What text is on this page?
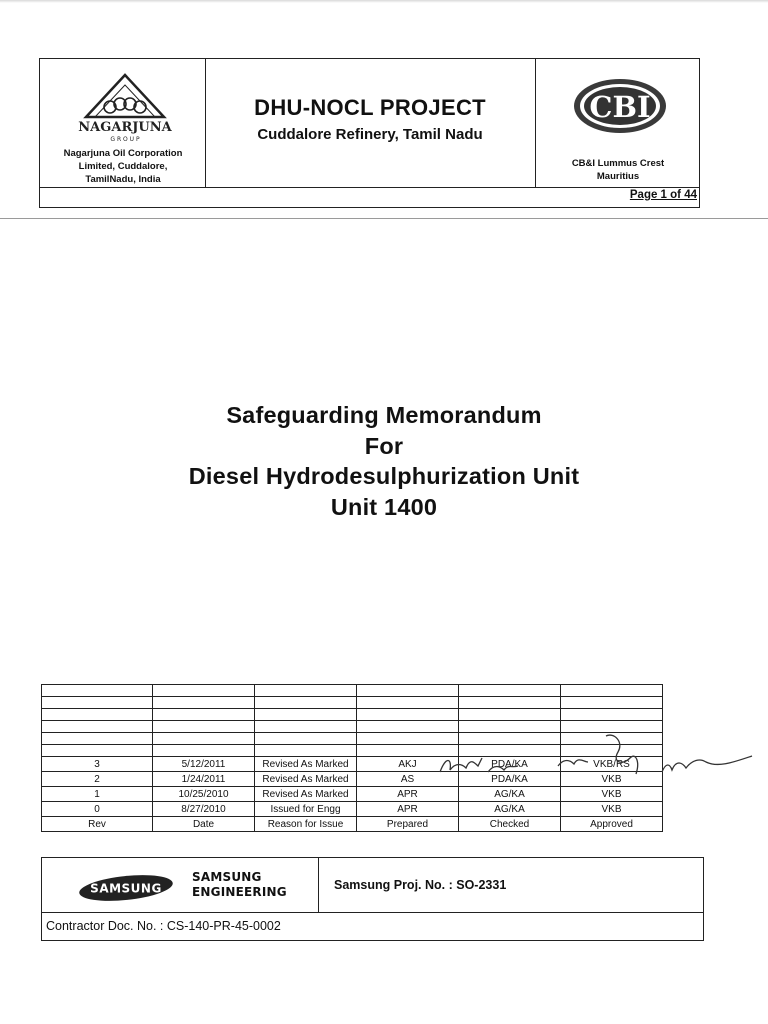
NAGARJUNA
G R O U P
Nagarjuna Oil Corporation
Limited, Cuddalore,
TamilNadu, India
DHU-NOCL PROJECT
Cuddalore Refinery, Tamil Nadu
CBI
CB&I Lummus Crest
Mauritius
Page 1 of 44
Safeguarding Memorandum
For
Diesel Hydrodesulphurization Unit
Unit 1400

3	5/12/2011	Revised As Marked	AKJ	PDA/KA	VKB/RS
2	1/24/2011	Revised As Marked	AS	PDA/KA	VKB
1	10/25/2010	Revised As Marked	APR	AG/KA	VKB
0	8/27/2010	Issued for Engg	APR	AG/KA	VKB
Rev	Date	Reason for Issue	Prepared	Checked	Approved
SAMSUNG
SAMSUNG
ENGINEERING	Samsung Proj. No. : SO-2331
Contractor Doc. No. : CS-140-PR-45-0002
